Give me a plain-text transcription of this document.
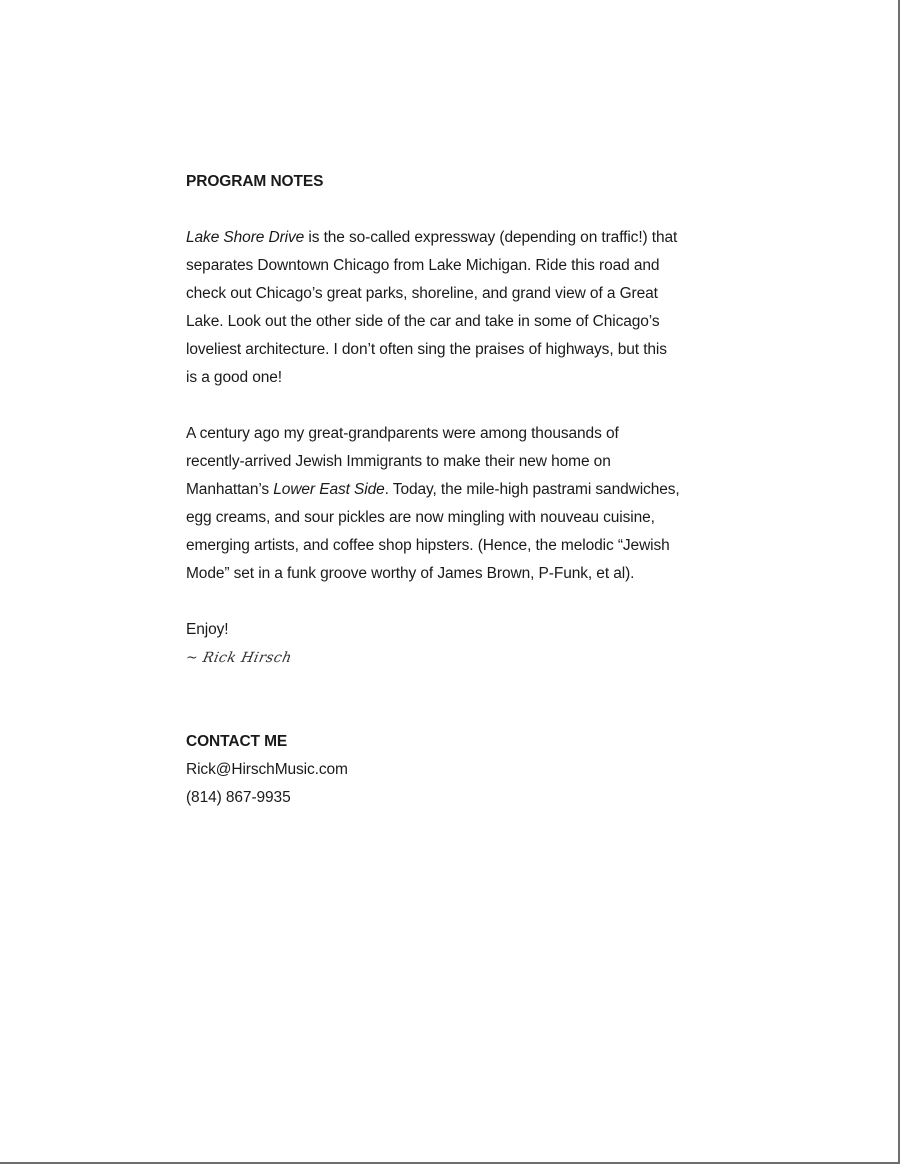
PROGRAM NOTES

Lake Shore Drive is the so-called expressway (depending on traffic!) that
separates Downtown Chicago from Lake Michigan. Ride this road and
check out Chicago’s great parks, shoreline, and grand view of a Great
Lake. Look out the other side of the car and take in some of Chicago’s
loveliest architecture. I don’t often sing the praises of highways, but this
is a good one!
A century ago my great-grandparents were among thousands of
recently-arrived Jewish Immigrants to make their new home on
Manhattan’s Lower East Side. Today, the mile-high pastrami sandwiches,
egg creams, and sour pickles are now mingling with nouveau cuisine,
emerging artists, and coffee shop hipsters. (Hence, the melodic “Jewish
Mode” set in a funk groove worthy of James Brown, P-Funk, et al).
Enjoy!
~ Rick Hirsch

CONTACT ME

Rick@HirschMusic.com
(814) 867-9935
